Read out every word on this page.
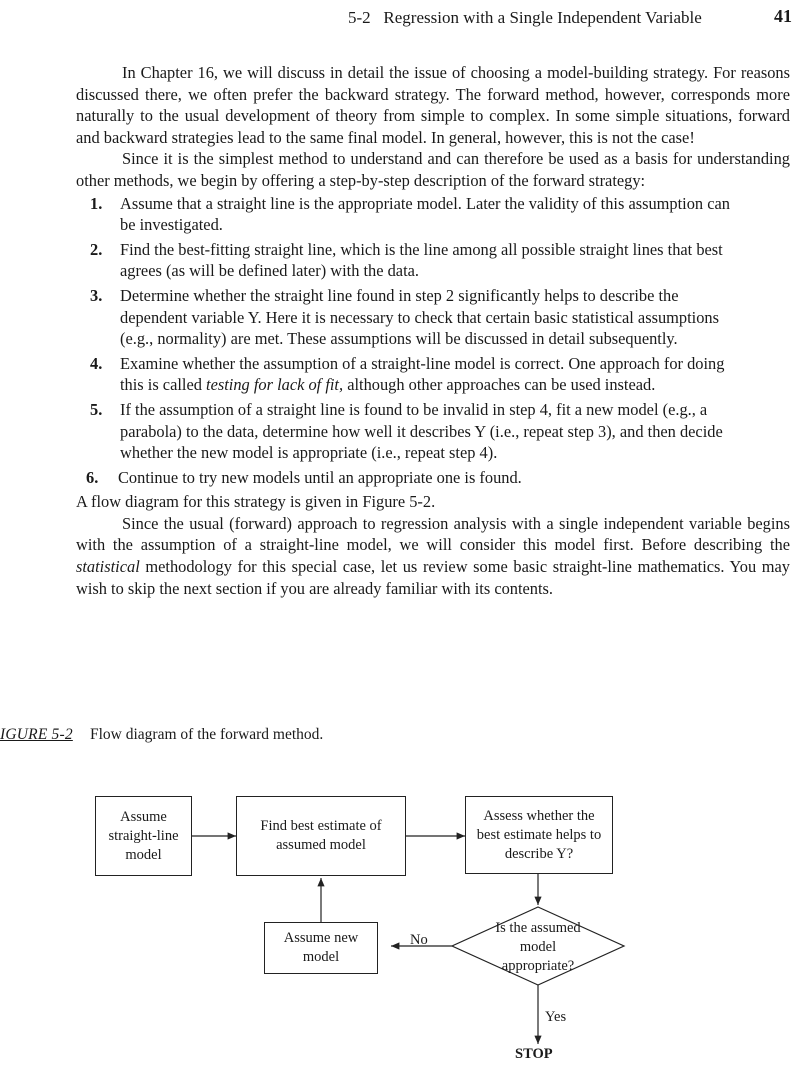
5-2   Regression with a Single Independent Variable	41

In Chapter 16, we will discuss in detail the issue of choosing a model-building strategy. For reasons discussed there, we often prefer the backward strategy. The forward method, however, corresponds more naturally to the usual development of theory from simple to complex. In some simple situations, forward and backward strategies lead to the same final model. In general, however, this is not the case!

Since it is the simplest method to understand and can therefore be used as a basis for understanding other methods, we begin by offering a step-by-step description of the forward strategy:

1. Assume that a straight line is the appropriate model. Later the validity of this assumption can be investigated.
2. Find the best-fitting straight line, which is the line among all possible straight lines that best agrees (as will be defined later) with the data.
3. Determine whether the straight line found in step 2 significantly helps to describe the dependent variable Y. Here it is necessary to check that certain basic statistical assumptions (e.g., normality) are met. These assumptions will be discussed in detail subsequently.
4. Examine whether the assumption of a straight-line model is correct. One approach for doing this is called testing for lack of fit, although other approaches can be used instead.
5. If the assumption of a straight line is found to be invalid in step 4, fit a new model (e.g., a parabola) to the data, determine how well it describes Y (i.e., repeat step 3), and then decide whether the new model is appropriate (i.e., repeat step 4).
6. Continue to try new models until an appropriate one is found.

A flow diagram for this strategy is given in Figure 5-2.

Since the usual (forward) approach to regression analysis with a single independent variable begins with the assumption of a straight-line model, we will consider this model first. Before describing the statistical methodology for this special case, let us review some basic straight-line mathematics. You may wish to skip the next section if you are already familiar with its contents.

IGURE 5-2 Flow diagram of the forward method.
Assume straight-line model
Find best estimate of assumed model
Assess whether the best estimate helps to describe Y?
Is the assumed model appropriate?
Assume new model
No
Yes
STOP
